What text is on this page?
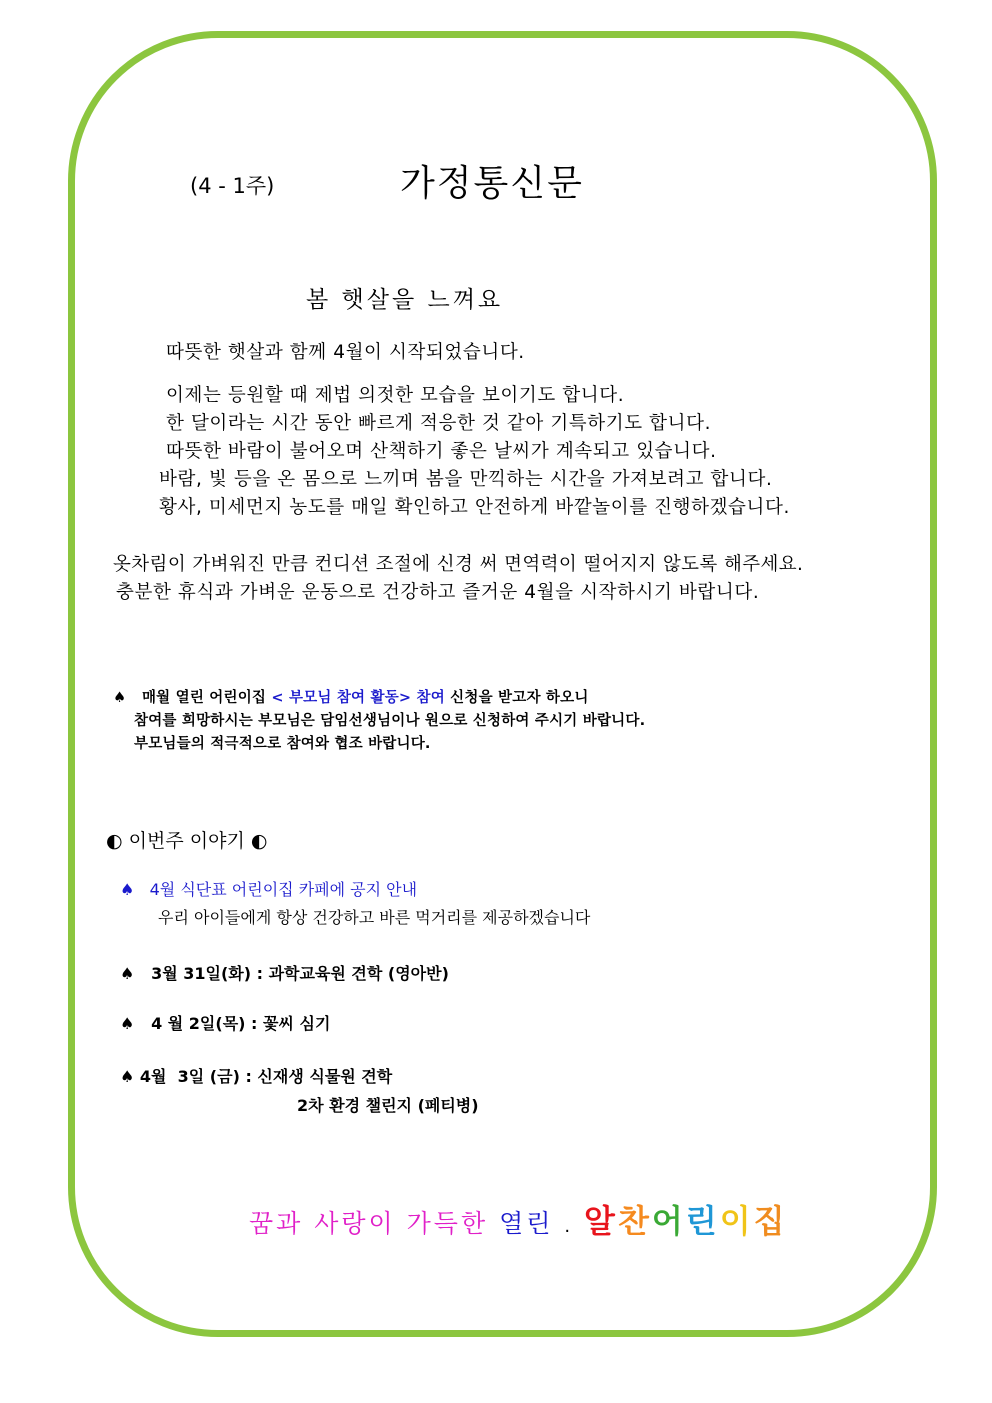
(4 - 1주)	가정통신문
봄 햇살을 느껴요
따뜻한 햇살과 함께 4월이 시작되었습니다.
이제는 등원할 때 제법 의젓한 모습을 보이기도 합니다.
한 달이라는 시간 동안 빠르게 적응한 것 같아 기특하기도 합니다.
따뜻한 바람이 불어오며 산책하기 좋은 날씨가 계속되고 있습니다.
바람, 빛 등을 온 몸으로 느끼며 봄을 만끽하는 시간을 가져보려고 합니다.
황사, 미세먼지 농도를 매일 확인하고 안전하게 바깥놀이를 진행하겠습니다.
옷차림이 가벼워진 만큼 컨디션 조절에 신경 써 면역력이 떨어지지 않도록 해주세요.
충분한 휴식과 가벼운 운동으로 건강하고 즐거운 4월을 시작하시기 바랍니다.
♠ 매월 열린 어린이집 < 부모님 참여 활동> 참여 신청을 받고자 하오니
참여를 희망하시는 부모님은 담임선생님이나 원으로 신청하여 주시기 바랍니다.
부모님들의 적극적으로 참여와 협조 바랍니다.
◐ 이번주 이야기 ◐
♠ 4월 식단표 어린이집 카페에 공지 안내
우리 아이들에게 항상 건강하고 바른 먹거리를 제공하겠습니다
♠ 3월 31일(화) : 과학교육원 견학 (영아반)
♠ 4 월 2일(목) : 꽃씨 심기
♠ 4월  3일 (금) : 신재생 식물원 견학
2차 환경 챌린지 (페티병)
꿈과 사랑이 가득한 열린 . 알찬어린이집
